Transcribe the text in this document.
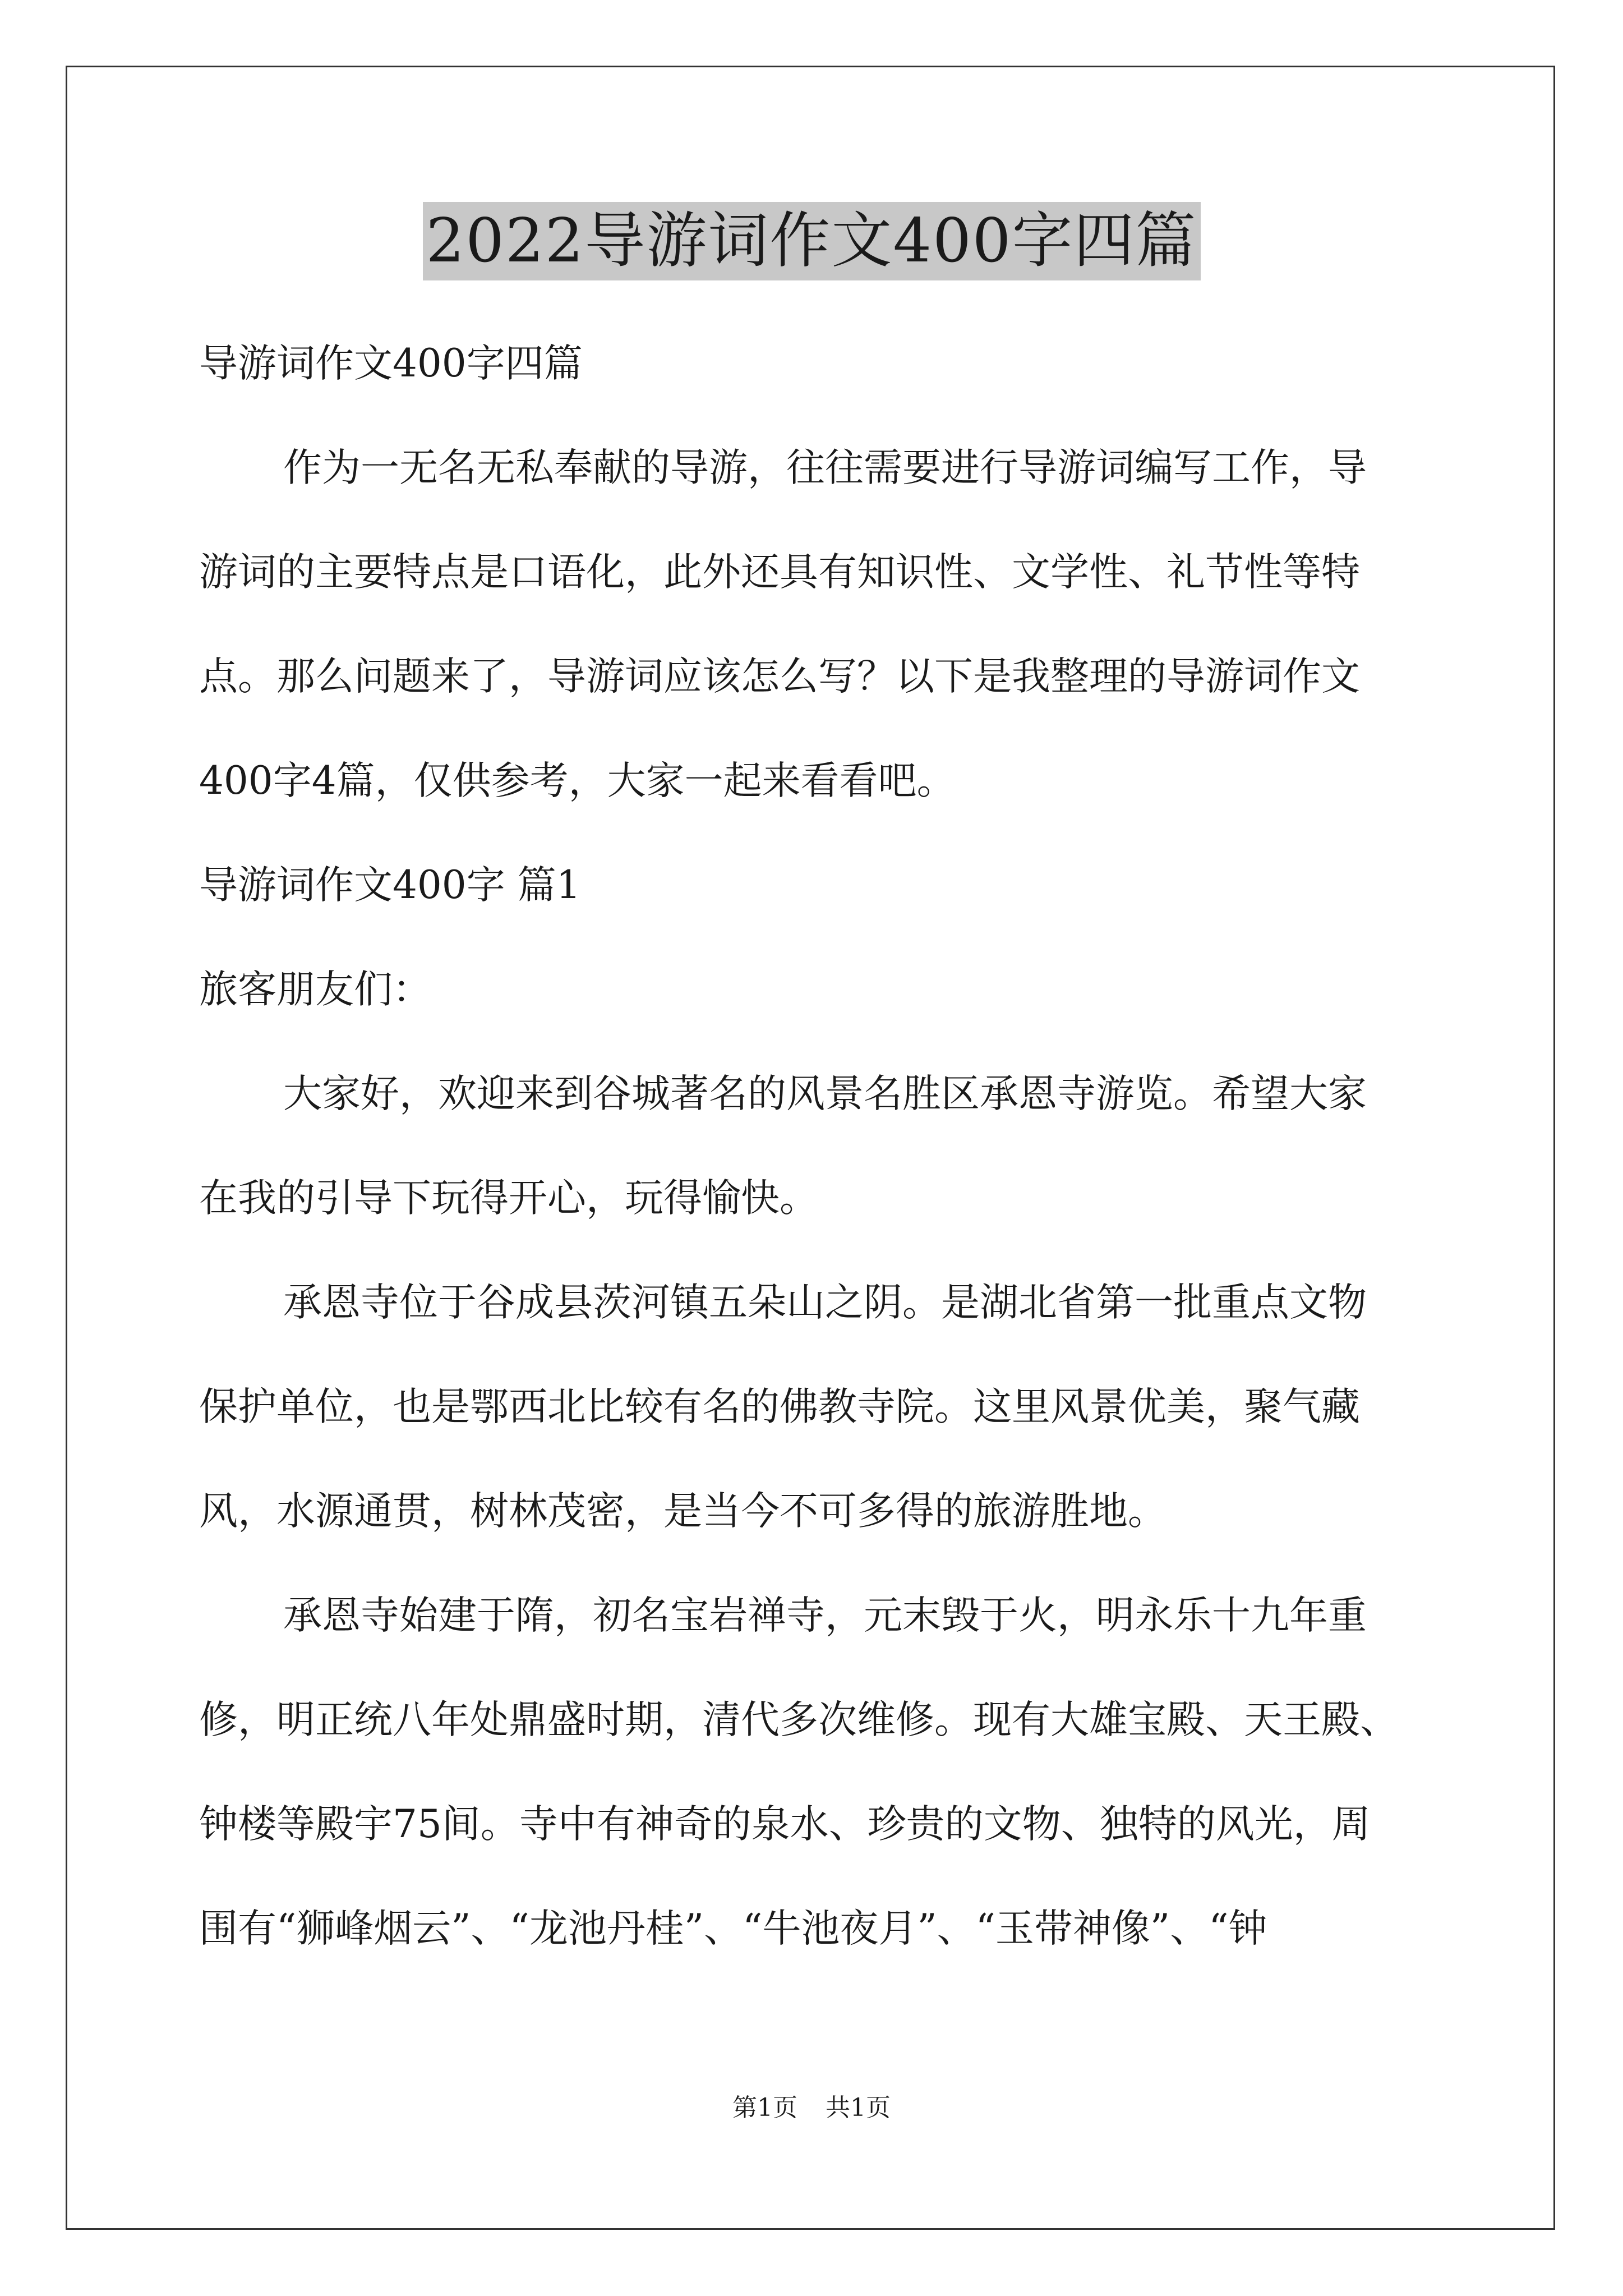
2022导游词作文400字四篇

导游词作文400字四篇

作为一无名无私奉献的导游，往往需要进行导游词编写工作，导

游词的主要特点是口语化，此外还具有知识性、文学性、礼节性等特

点。那么问题来了，导游词应该怎么写？以下是我整理的导游词作文

400字4篇，仅供参考，大家一起来看看吧。

导游词作文400字 篇1

旅客朋友们：

大家好，欢迎来到谷城著名的风景名胜区承恩寺游览。希望大家

在我的引导下玩得开心，玩得愉快。

承恩寺位于谷成县茨河镇五朵山之阴。是湖北省第一批重点文物

保护单位，也是鄂西北比较有名的佛教寺院。这里风景优美，聚气藏

风，水源通贯，树林茂密，是当今不可多得的旅游胜地。

承恩寺始建于隋，初名宝岩禅寺，元末毁于火，明永乐十九年重

修，明正统八年处鼎盛时期，清代多次维修。现有大雄宝殿、天王殿、

钟楼等殿宇75间。寺中有神奇的泉水、珍贵的文物、独特的风光，周

围有“狮峰烟云”、“龙池丹桂”、“牛池夜月”、“玉带神像”、“钟

第1页 共1页
